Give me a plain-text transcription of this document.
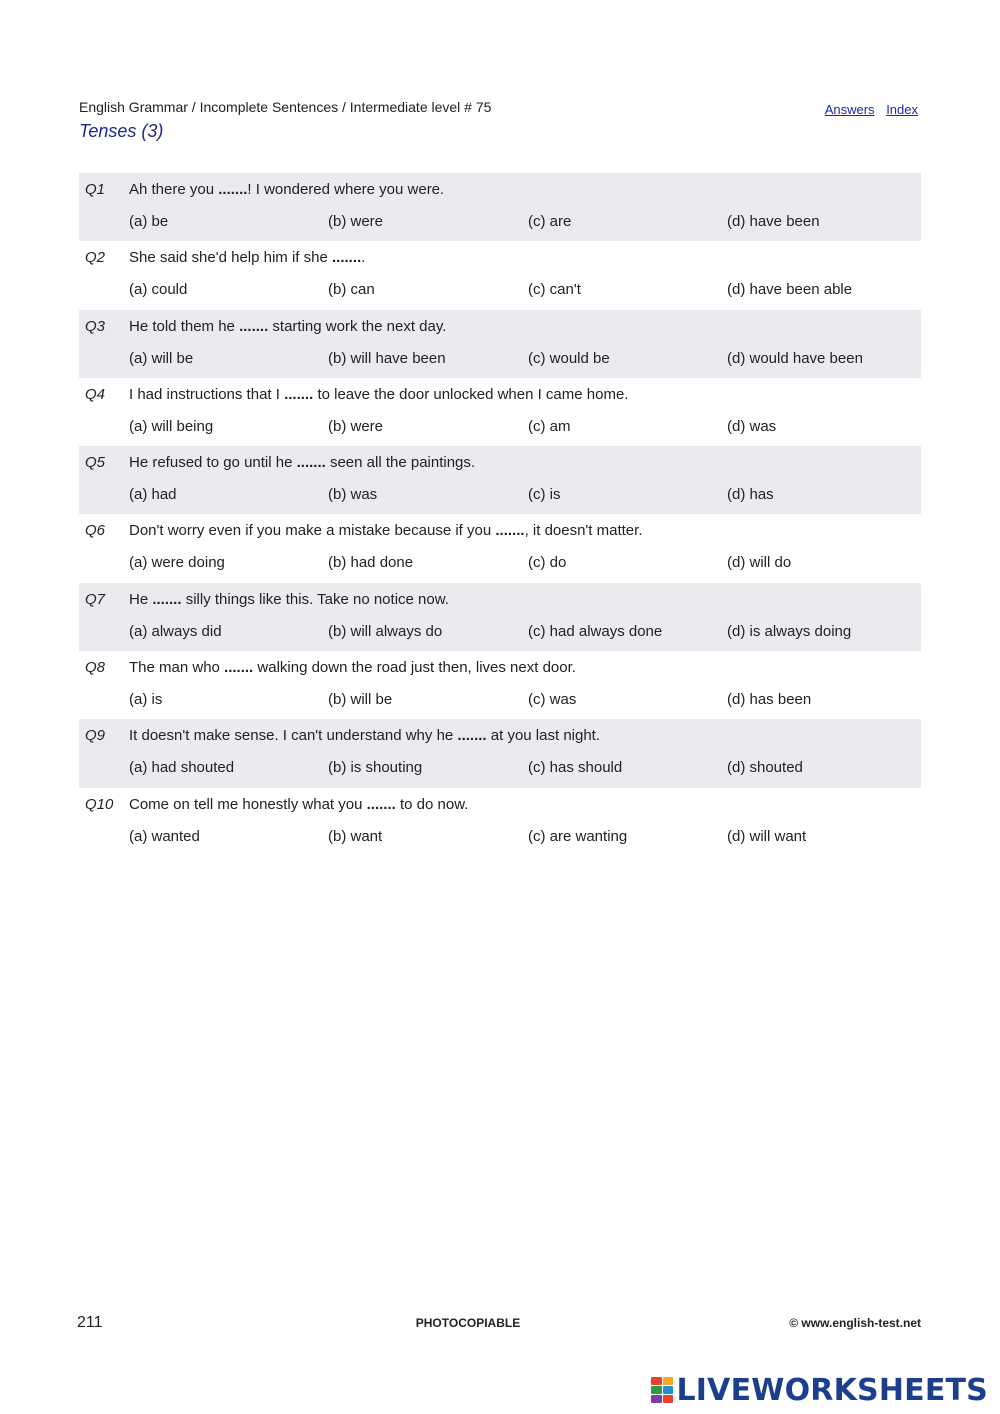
English Grammar / Incomplete Sentences / Intermediate level # 75
Tenses (3)
Answers Index
Q1 Ah there you .......! I wondered where you were.
(a) be	(b) were	(c) are	(d) have been
Q2 She said she'd help him if she ........
(a) could	(b) can	(c) can't	(d) have been able
Q3 He told them he ....... starting work the next day.
(a) will be	(b) will have been	(c) would be	(d) would have been
Q4 I had instructions that I ....... to leave the door unlocked when I came home.
(a) will being	(b) were	(c) am	(d) was
Q5 He refused to go until he ....... seen all the paintings.
(a) had	(b) was	(c) is	(d) has
Q6 Don't worry even if you make a mistake because if you ......., it doesn't matter.
(a) were doing	(b) had done	(c) do	(d) will do
Q7 He ....... silly things like this. Take no notice now.
(a) always did	(b) will always do	(c) had always done	(d) is always doing
Q8 The man who ....... walking down the road just then, lives next door.
(a) is	(b) will be	(c) was	(d) has been
Q9 It doesn't make sense. I can't understand why he ....... at you last night.
(a) had shouted	(b) is shouting	(c) has should	(d) shouted
Q10 Come on tell me honestly what you ....... to do now.
(a) wanted	(b) want	(c) are wanting	(d) will want
211	PHOTOCOPIABLE	© www.english-test.net
LIVEWORKSHEETS
